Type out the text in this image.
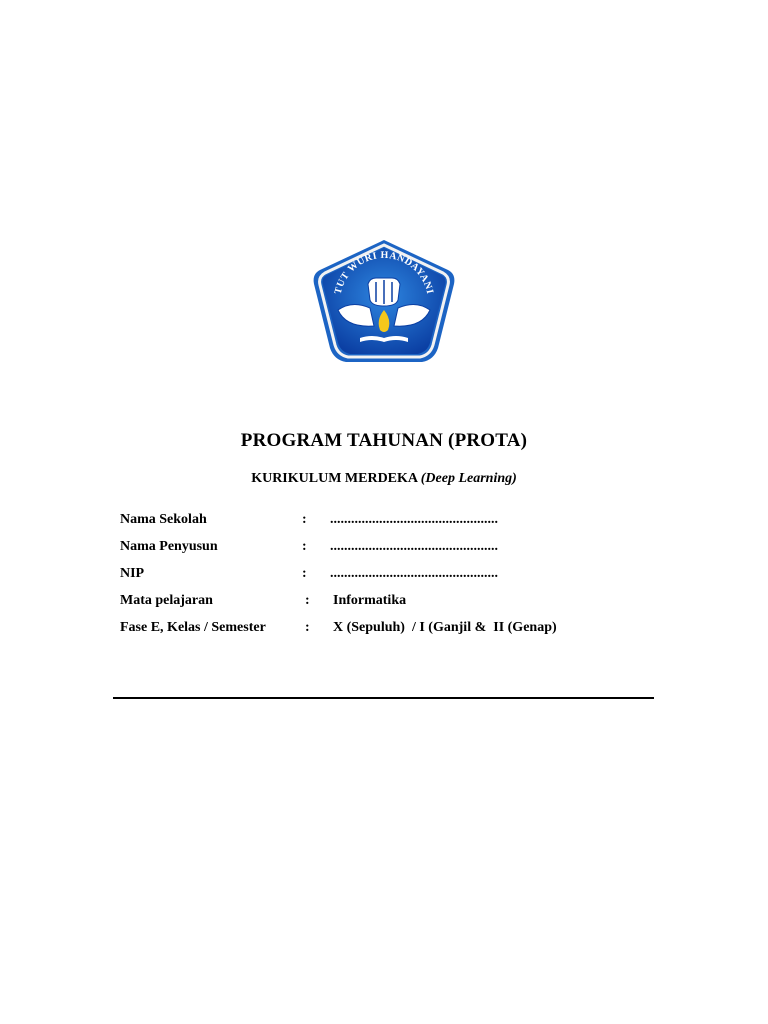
TUT WURI HANDAYANI
PROGRAM TAHUNAN (PROTA)
KURIKULUM MERDEKA (Deep Learning)
Nama Sekolah	: ................................................
Nama Penyusun	: ................................................
NIP	: ................................................
Mata pelajaran	: Informatika
Fase E, Kelas / Semester	: X (Sepuluh)  / I (Ganjil &  II (Genap)
